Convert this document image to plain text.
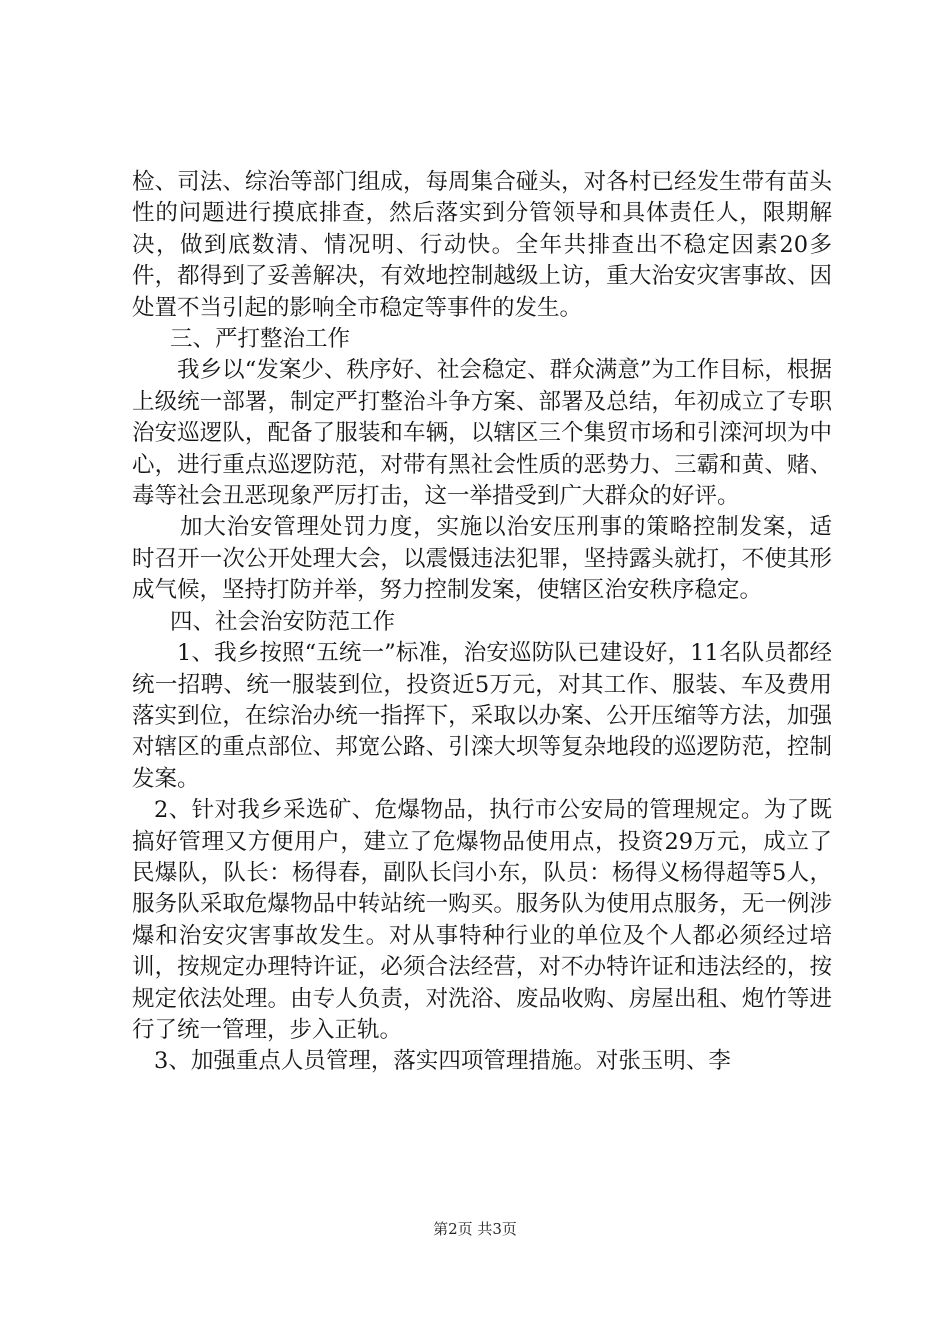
检、司法、综治等部门组成，每周集合碰头，对各村已经发生带有苗头性的问题进行摸底排查，然后落实到分管领导和具体责任人，限期解决，做到底数清、情况明、行动快。全年共排查出不稳定因素20多件，都得到了妥善解决，有效地控制越级上访，重大治安灾害事故、因处置不当引起的影响全市稳定等事件的发生。

三、严打整治工作

我乡以“发案少、秩序好、社会稳定、群众满意”为工作目标，根据上级统一部署，制定严打整治斗争方案、部署及总结，年初成立了专职治安巡逻队，配备了服装和车辆，以辖区三个集贸市场和引滦河坝为中心，进行重点巡逻防范，对带有黑社会性质的恶势力、三霸和黄、赌、毒等社会丑恶现象严厉打击，这一举措受到广大群众的好评。

加大治安管理处罚力度，实施以治安压刑事的策略控制发案，适时召开一次公开处理大会，以震慑违法犯罪，坚持露头就打，不使其形成气候，坚持打防并举，努力控制发案，使辖区治安秩序稳定。

四、社会治安防范工作

1、我乡按照“五统一”标准，治安巡防队已建设好，11名队员都经统一招聘、统一服装到位，投资近5万元，对其工作、服装、车及费用落实到位，在综治办统一指挥下，采取以办案、公开压缩等方法，加强对辖区的重点部位、邦宽公路、引滦大坝等复杂地段的巡逻防范，控制发案。

2、针对我乡采选矿、危爆物品，执行市公安局的管理规定。为了既搞好管理又方便用户，建立了危爆物品使用点，投资29万元，成立了民爆队，队长：杨得春，副队长闫小东，队员：杨得义杨得超等5人，服务队采取危爆物品中转站统一购买。服务队为使用点服务，无一例涉爆和治安灾害事故发生。对从事特种行业的单位及个人都必须经过培训，按规定办理特许证，必须合法经营，对不办特许证和违法经的，按规定依法处理。由专人负责，对洗浴、废品收购、房屋出租、炮竹等进行了统一管理，步入正轨。

3、加强重点人员管理，落实四项管理措施。对张玉明、李

第2页 共3页
